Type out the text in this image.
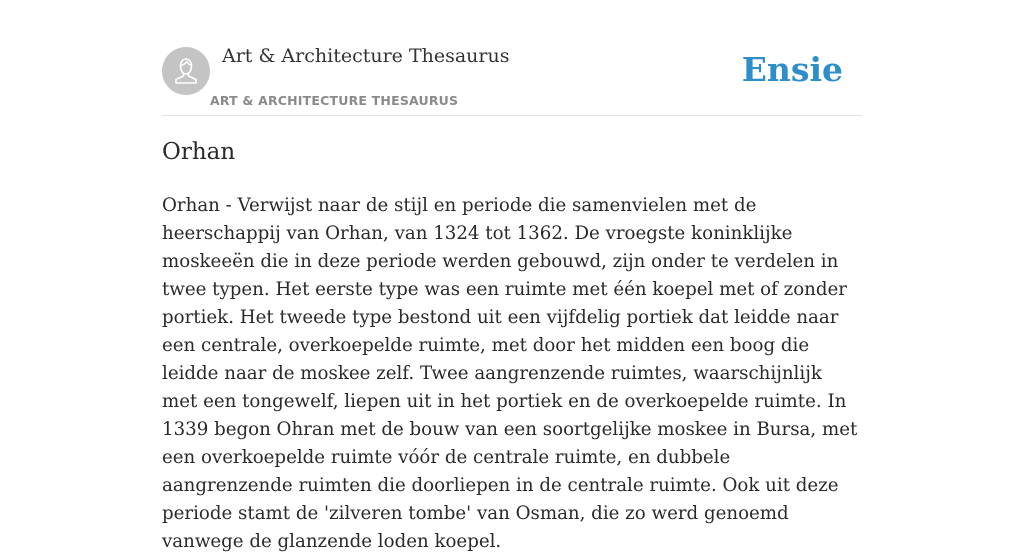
Art & Architecture Thesaurus
ART & ARCHITECTURE THESAURUS
Ensie
Orhan

Orhan - Verwijst naar de stijl en periode die samenvielen met de heerschappij van Orhan, van 1324 tot 1362. De vroegste koninklijke moskeeën die in deze periode werden gebouwd, zijn onder te verdelen in twee typen. Het eerste type was een ruimte met één koepel met of zonder portiek. Het tweede type bestond uit een vijfdelig portiek dat leidde naar een centrale, overkoepelde ruimte, met door het midden een boog die leidde naar de moskee zelf. Twee aangrenzende ruimtes, waarschijnlijk met een tongewelf, liepen uit in het portiek en de overkoepelde ruimte. In 1339 begon Ohran met de bouw van een soortgelijke moskee in Bursa, met een overkoepelde ruimte vóór de centrale ruimte, en dubbele aangrenzende ruimten die doorliepen in de centrale ruimte. Ook uit deze periode stamt de 'zilveren tombe' van Osman, die zo werd genoemd vanwege de glanzende loden koepel.
